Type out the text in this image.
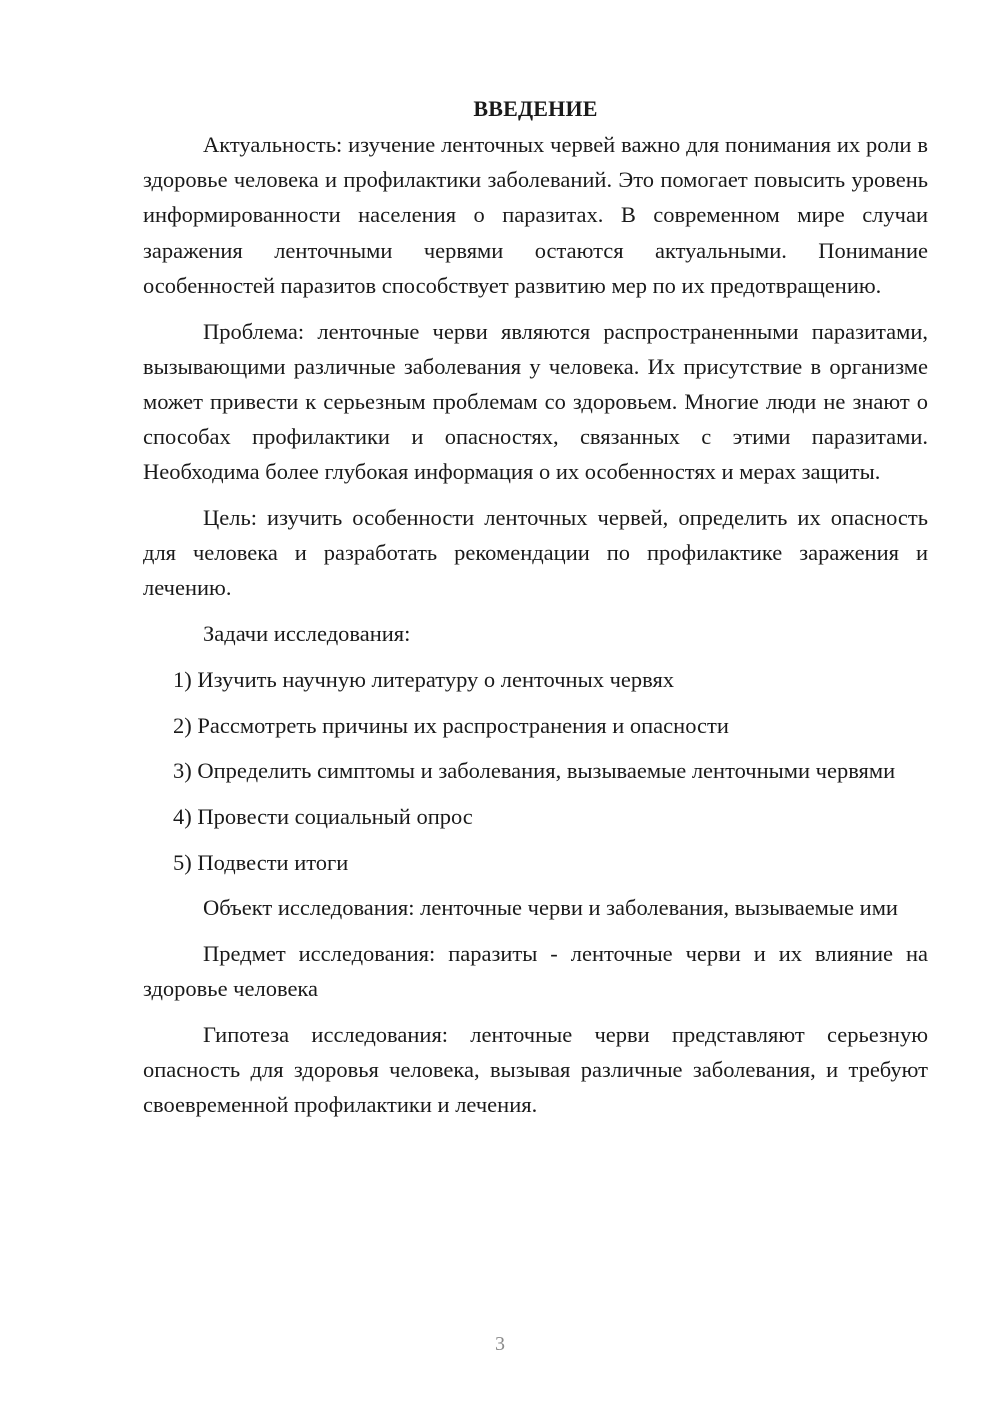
ВВЕДЕНИЕ

Актуальность: изучение ленточных червей важно для понимания их роли в здоровье человека и профилактики заболеваний. Это помогает повысить уровень информированности населения о паразитах. В современном мире случаи заражения ленточными червями остаются актуальными. Понимание особенностей паразитов способствует развитию мер по их предотвращению.

Проблема: ленточные черви являются распространенными паразитами, вызывающими различные заболевания у человека. Их присутствие в организме может привести к серьезным проблемам со здоровьем. Многие люди не знают о способах профилактики и опасностях, связанных с этими паразитами. Необходима более глубокая информация о их особенностях и мерах защиты.

Цель: изучить особенности ленточных червей, определить их опасность для человека и разработать рекомендации по профилактике заражения и лечению.

Задачи исследования:

1) Изучить научную литературу о ленточных червях

2) Рассмотреть причины их распространения и опасности

3) Определить симптомы и заболевания, вызываемые ленточными червями

4) Провести социальный опрос

5) Подвести итоги

Объект исследования: ленточные черви и заболевания, вызываемые ими

Предмет исследования: паразиты - ленточные черви и их влияние на здоровье человека

Гипотеза исследования: ленточные черви представляют серьезную опасность для здоровья человека, вызывая различные заболевания, и требуют своевременной профилактики и лечения.

3
